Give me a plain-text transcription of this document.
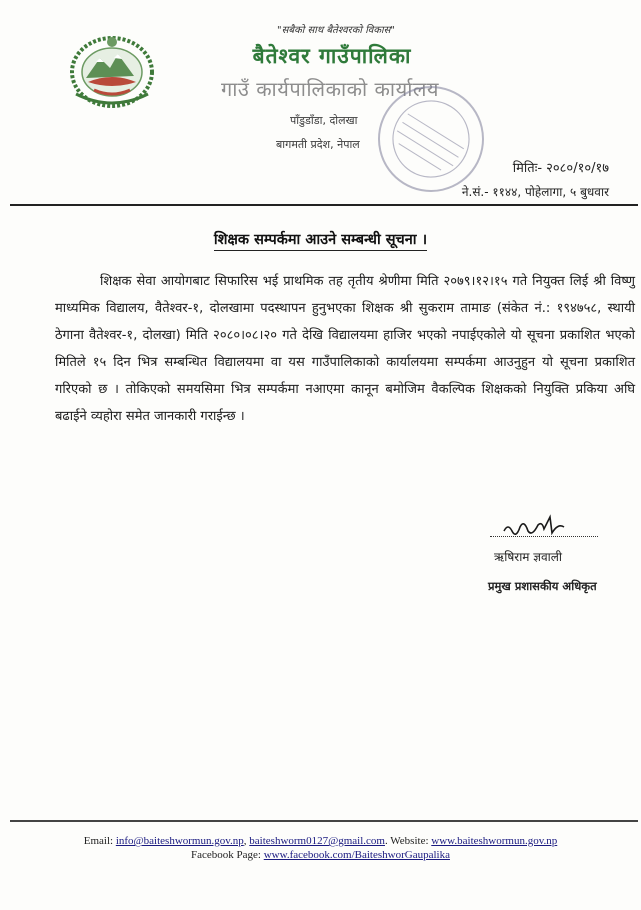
"सबैको साथ बैतेश्वरको विकास"
बैतेश्वर गाउँपालिका
गाउँ कार्यपालिकाको कार्यालय
पाँडुडाँडा, दोलखा
बागमती प्रदेश, नेपाल
मितिः- २०८०/१०/१७
ने.सं.- ११४४, पोहेलागा, ५ बुधवार
शिक्षक सम्पर्कमा आउने सम्बन्धी सूचना ।
शिक्षक सेवा आयोगबाट सिफारिस भई प्राथमिक तह तृतीय श्रेणीमा मिति २०७९।१२।१५ गते नियुक्त लिई श्री विष्णु माध्यमिक विद्यालय, वैतेश्वर-१, दोलखामा पदस्थापन हुनुभएका शिक्षक श्री सुकराम तामाङ (संकेत नं.: १९४७५८, स्थायी ठेगाना वैतेश्वर-१, दोलखा) मिति २०८०।०८।२० गते देखि विद्यालयमा हाजिर भएको नपाईएकोले यो सूचना प्रकाशित भएको मितिले १५ दिन भित्र सम्बन्धित विद्यालयमा वा यस गाउँपालिकाको कार्यालयमा सम्पर्कमा आउनुहुन यो सूचना प्रकाशित गरिएको छ । तोकिएको समयसिमा भित्र सम्पर्कमा नआएमा कानून बमोजिम वैकल्पिक शिक्षकको नियुक्ति प्रकिया अघि बढाईने व्यहोरा समेत जानकारी गराईन्छ ।
ऋषिराम ज्ञवाली
प्रमुख प्रशासकीय अधिकृत
Email: info@baiteshwormun.gov.np, baiteshworm0127@gmail.com. Website: www.baiteshwormun.gov.np
Facebook Page: www.facebook.com/BaiteshworGaupalika
